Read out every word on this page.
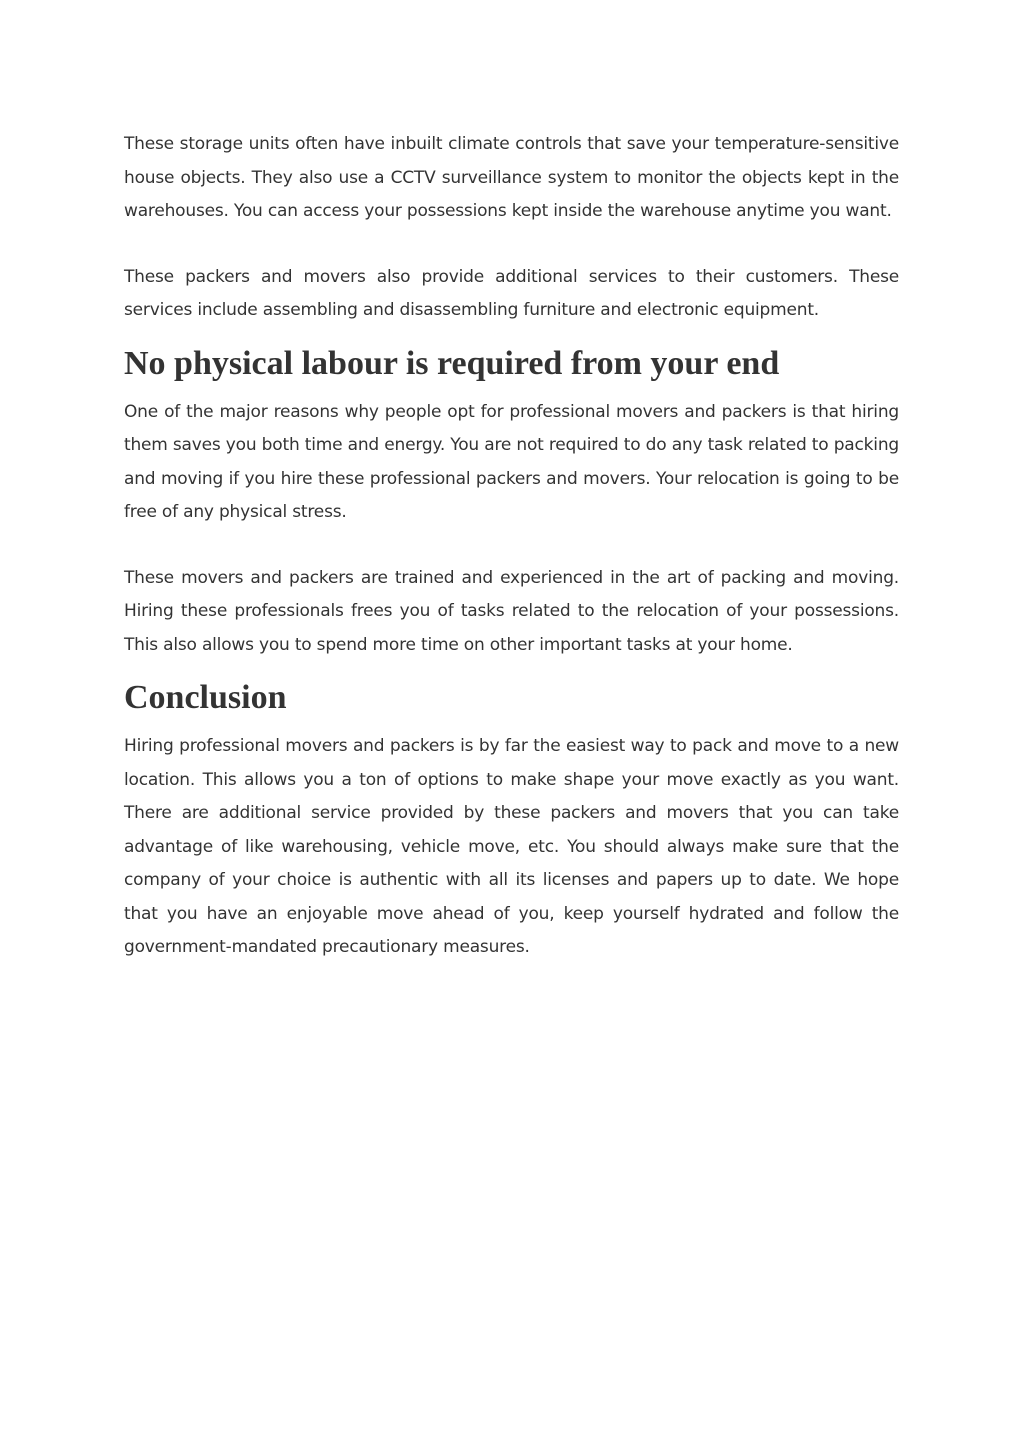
These storage units often have inbuilt climate controls that save your temperature-sensitive house objects. They also use a CCTV surveillance system to monitor the objects kept in the warehouses. You can access your possessions kept inside the warehouse anytime you want.

These packers and movers also provide additional services to their customers. These services include assembling and disassembling furniture and electronic equipment.

No physical labour is required from your end

One of the major reasons why people opt for professional movers and packers is that hiring them saves you both time and energy. You are not required to do any task related to packing and moving if you hire these professional packers and movers. Your relocation is going to be free of any physical stress.

These movers and packers are trained and experienced in the art of packing and moving. Hiring these professionals frees you of tasks related to the relocation of your possessions. This also allows you to spend more time on other important tasks at your home.

Conclusion

Hiring professional movers and packers is by far the easiest way to pack and move to a new location. This allows you a ton of options to make shape your move exactly as you want. There are additional service provided by these packers and movers that you can take advantage of like warehousing, vehicle move, etc. You should always make sure that the company of your choice is authentic with all its licenses and papers up to date. We hope that you have an enjoyable move ahead of you, keep yourself hydrated and follow the government-mandated precautionary measures.
